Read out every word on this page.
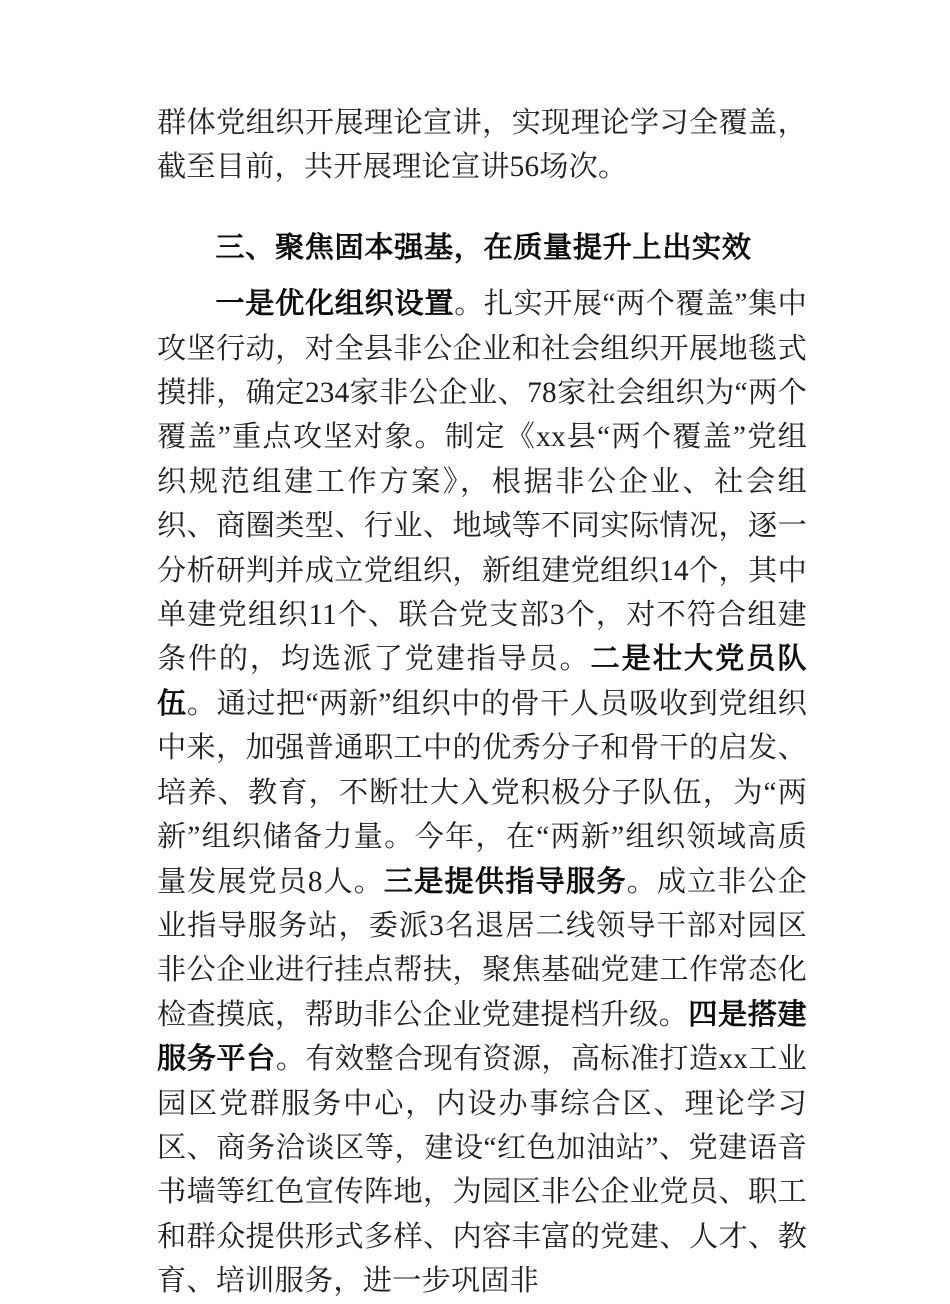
群体党组织开展理论宣讲，实现理论学习全覆盖，截至目前，共开展理论宣讲56场次。

三、聚焦固本强基，在质量提升上出实效

一是优化组织设置。扎实开展“两个覆盖”集中攻坚行动，对全县非公企业和社会组织开展地毯式摸排，确定234家非公企业、78家社会组织为“两个覆盖”重点攻坚对象。制定《xx县“两个覆盖”党组织规范组建工作方案》，根据非公企业、社会组织、商圈类型、行业、地域等不同实际情况，逐一分析研判并成立党组织，新组建党组织14个，其中单建党组织11个、联合党支部3个，对不符合组建条件的，均选派了党建指导员。二是壮大党员队伍。通过把“两新”组织中的骨干人员吸收到党组织中来，加强普通职工中的优秀分子和骨干的启发、培养、教育，不断壮大入党积极分子队伍，为“两新”组织储备力量。今年，在“两新”组织领域高质量发展党员8人。三是提供指导服务。成立非公企业指导服务站，委派3名退居二线领导干部对园区非公企业进行挂点帮扶，聚焦基础党建工作常态化检查摸底，帮助非公企业党建提档升级。四是搭建服务平台。有效整合现有资源，高标准打造xx工业园区党群服务中心，内设办事综合区、理论学习区、商务洽谈区等，建设“红色加油站”、党建语音书墙等红色宣传阵地，为园区非公企业党员、职工和群众提供形式多样、内容丰富的党建、人才、教育、培训服务，进一步巩固非
